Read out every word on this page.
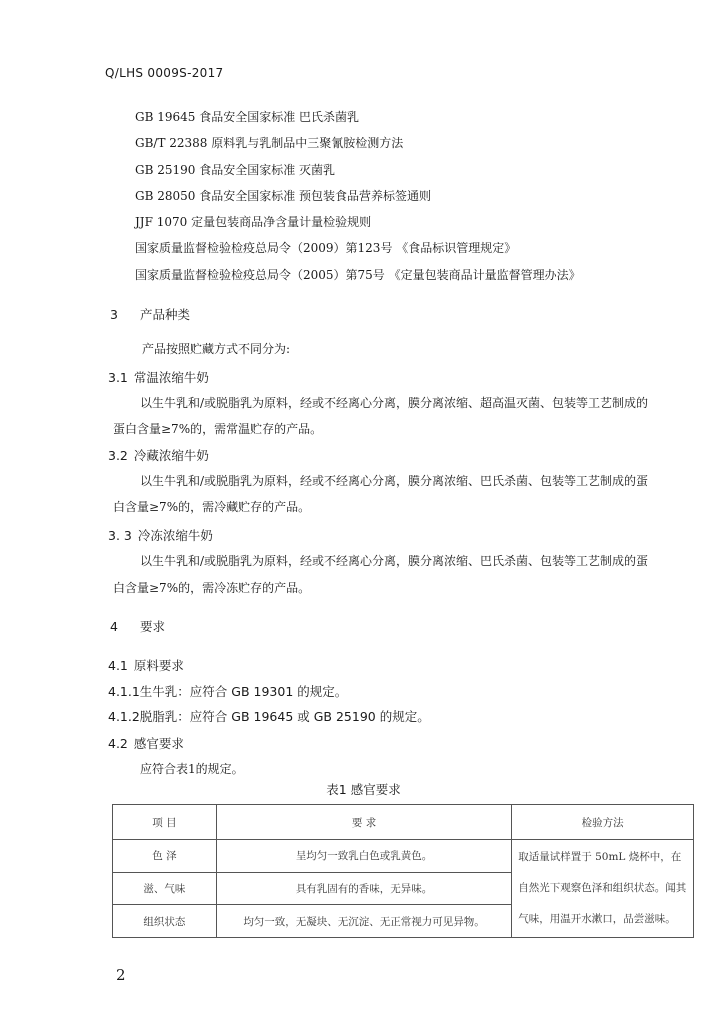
Q/LHS 0009S-2017
GB 19645 食品安全国家标准 巴氏杀菌乳
GB/T 22388 原料乳与乳制品中三聚氰胺检测方法
GB 25190 食品安全国家标准 灭菌乳
GB 28050 食品安全国家标准 预包装食品营养标签通则
JJF 1070 定量包装商品净含量计量检验规则
国家质量监督检验检疫总局令（2009）第123号 《食品标识管理规定》
国家质量监督检验检疫总局令（2005）第75号 《定量包装商品计量监督管理办法》
3 产品种类
产品按照贮藏方式不同分为:
3.1 常温浓缩牛奶
以生牛乳和/或脱脂乳为原料，经或不经离心分离，膜分离浓缩、超高温灭菌、包装等工艺制成的
蛋白含量≥7%的，需常温贮存的产品。
3.2 冷藏浓缩牛奶
以生牛乳和/或脱脂乳为原料，经或不经离心分离，膜分离浓缩、巴氏杀菌、包装等工艺制成的蛋
白含量≥7%的，需冷藏贮存的产品。
3. 3 冷冻浓缩牛奶
以生牛乳和/或脱脂乳为原料，经或不经离心分离，膜分离浓缩、巴氏杀菌、包装等工艺制成的蛋
白含量≥7%的，需冷冻贮存的产品。
4 要求
4.1 原料要求
4.1.1生牛乳：应符合 GB 19301 的规定。
4.1.2脱脂乳：应符合 GB 19645 或 GB 25190 的规定。
4.2 感官要求
应符合表1的规定。
表1 感官要求
项 目	要 求	检验方法
色 泽	呈均匀一致乳白色或乳黄色。	取适量试样置于 50mL 烧杯中，在自然光下观察色泽和组织状态。闻其气味，用温开水漱口，品尝滋味。
滋、气味	具有乳固有的香味，无异味。	
组织状态	均匀一致，无凝块、无沉淀、无正常视力可见异物。	
2
